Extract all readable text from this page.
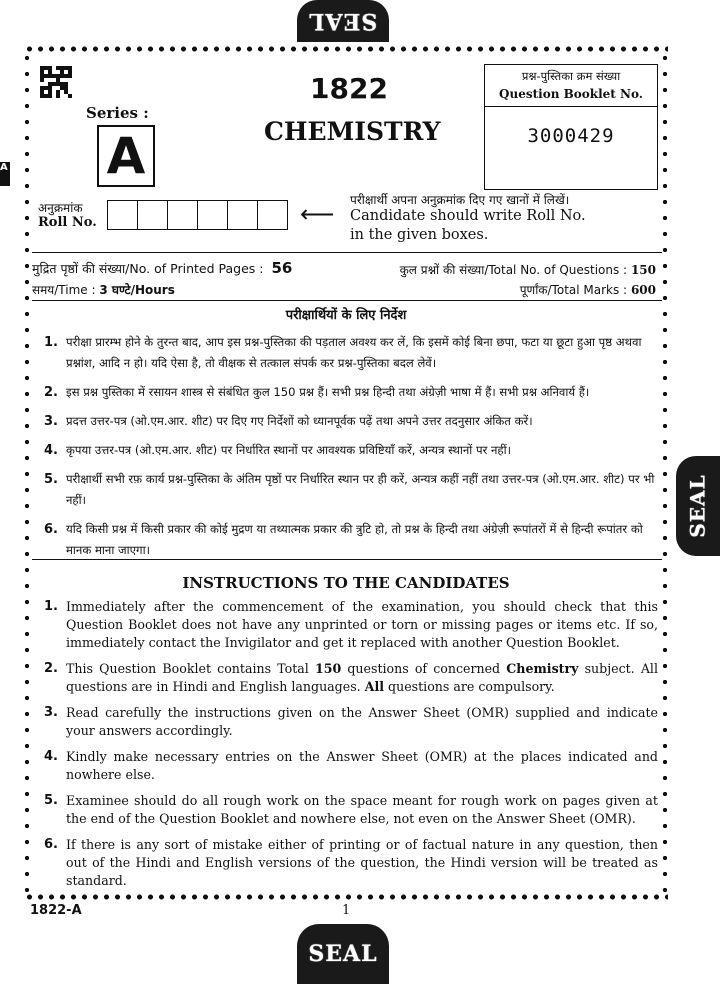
SEAL
SEAL
SEAL
A
Series :
A
1822
CHEMISTRY
प्रश्न-पुस्तिका क्रम संख्या
Question Booklet No.
3000429
अनुक्रमांक
Roll No.	⟵ परीक्षार्थी अपना अनुक्रमांक दिए गए खानों में लिखें।
Candidate should write Roll No.
in the given boxes.
मुद्रित पृष्ठों की संख्या/No. of Printed Pages : 56	कुल प्रश्नों की संख्या/Total No. of Questions : 150
समय/Time : 3 घण्टे/Hours	पूर्णांक/Total Marks : 600
परीक्षार्थियों के लिए निर्देश
1. परीक्षा प्रारम्भ होने के तुरन्त बाद, आप इस प्रश्न-पुस्तिका की पड़ताल अवश्य कर लें, कि इसमें कोई बिना छपा, फटा या छूटा हुआ पृष्ठ अथवा प्रश्नांश, आदि न हो। यदि ऐसा है, तो वीक्षक से तत्काल संपर्क कर प्रश्न-पुस्तिका बदल लेवें।
2. इस प्रश्न पुस्तिका में रसायन शास्त्र से संबंधित कुल 150 प्रश्न हैं। सभी प्रश्न हिन्दी तथा अंग्रेज़ी भाषा में हैं। सभी प्रश्न अनिवार्य हैं।
3. प्रदत्त उत्तर-पत्र (ओ.एम.आर. शीट) पर दिए गए निर्देशों को ध्यानपूर्वक पढ़ें तथा अपने उत्तर तदनुसार अंकित करें।
4. कृपया उत्तर-पत्र (ओ.एम.आर. शीट) पर निर्धारित स्थानों पर आवश्यक प्रविष्टियाँ करें, अन्यत्र स्थानों पर नहीं।
5. परीक्षार्थी सभी रफ़ कार्य प्रश्न-पुस्तिका के अंतिम पृष्ठों पर निर्धारित स्थान पर ही करें, अन्यत्र कहीं नहीं तथा उत्तर-पत्र (ओ.एम.आर. शीट) पर भी नहीं।
6. यदि किसी प्रश्न में किसी प्रकार की कोई मुद्रण या तथ्यात्मक प्रकार की त्रुटि हो, तो प्रश्न के हिन्दी तथा अंग्रेज़ी रूपांतरों में से हिन्दी रूपांतर को मानक माना जाएगा।
INSTRUCTIONS TO THE CANDIDATES
1. Immediately after the commencement of the examination, you should check that this Question Booklet does not have any unprinted or torn or missing pages or items etc. If so, immediately contact the Invigilator and get it replaced with another Question Booklet.
2. This Question Booklet contains Total 150 questions of concerned Chemistry subject. All questions are in Hindi and English languages. All questions are compulsory.
3. Read carefully the instructions given on the Answer Sheet (OMR) supplied and indicate your answers accordingly.
4. Kindly make necessary entries on the Answer Sheet (OMR) at the places indicated and nowhere else.
5. Examinee should do all rough work on the space meant for rough work on pages given at the end of the Question Booklet and nowhere else, not even on the Answer Sheet (OMR).
6. If there is any sort of mistake either of printing or of factual nature in any question, then out of the Hindi and English versions of the question, the Hindi version will be treated as standard.
1822-A	1
